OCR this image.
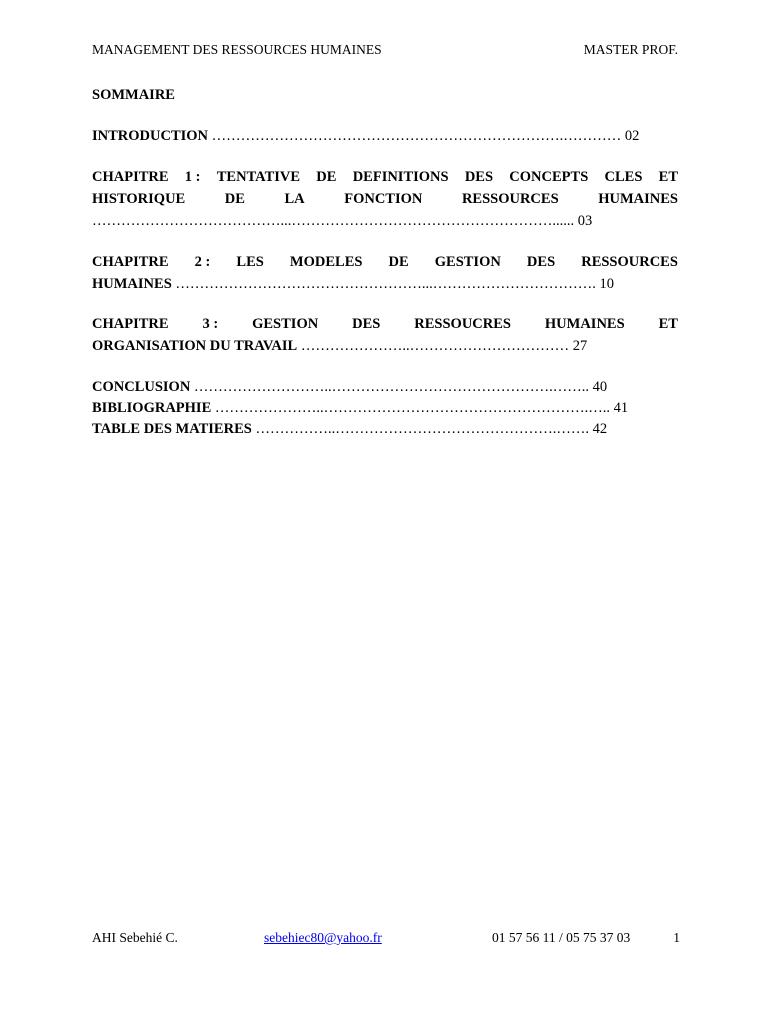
MANAGEMENT DES RESSOURCES HUMAINES	MASTER PROF.
SOMMAIRE
INTRODUCTION ……………………………………………………………….………… 02
CHAPITRE 1 : TENTATIVE DE DEFINITIONS DES CONCEPTS CLES ET
HISTORIQUE	DE	LA	FONCTION	RESSOURCES	HUMAINES
…………………………………...………………………………………………...... 03
CHAPITRE 2 : LES MODELES DE GESTION DES RESSOURCES
HUMAINES ……………………………………………...……………………………. 10
CHAPITRE 3 : GESTION DES RESSOUCRES HUMAINES ET
ORGANISATION DU TRAVAIL …………………..…………………………… 27
CONCLUSION ………………………..……………………………………….…….. 40
BIBLIOGRAPHIE …………………..……………………………………………….….. 41
TABLE DES MATIERES ……………..……………………………………….……. 42
AHI Sebehié C.	sebehiec80@yahoo.fr	01 57 56 11 / 05 75 37 03	1
